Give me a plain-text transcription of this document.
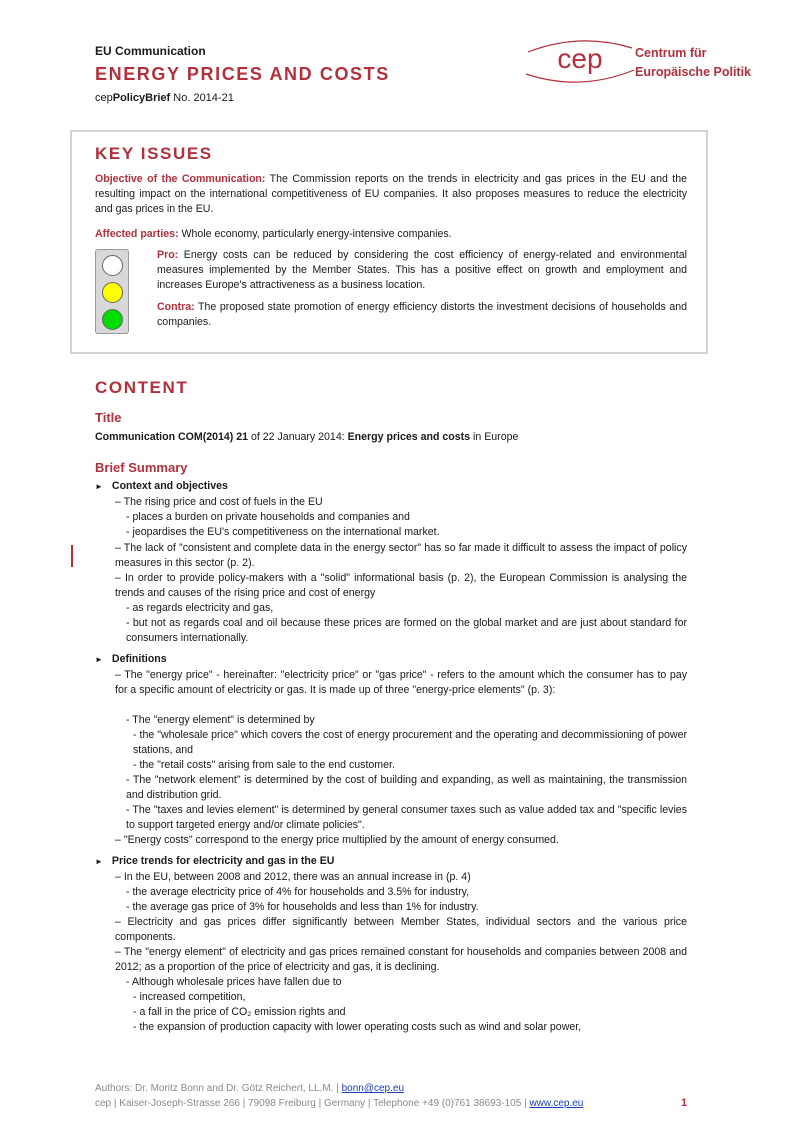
EU Communication
ENERGY PRICES AND COSTS
cepPolicyBrief No. 2014-21
cep	Centrum für
Europäische Politik
KEY ISSUES
Objective of the Communication: The Commission reports on the trends in electricity and gas prices in the EU and the resulting impact on the international competitiveness of EU companies. It also proposes measures to reduce the electricity and gas prices in the EU.
Affected parties: Whole economy, particularly energy-intensive companies.
Pro: Energy costs can be reduced by considering the cost efficiency of energy-related and environmental measures implemented by the Member States. This has a positive effect on growth and employment and increases Europe's attractiveness as a business location.
Contra: The proposed state promotion of energy efficiency distorts the investment decisions of households and companies.
CONTENT
Title
Communication COM(2014) 21 of 22 January 2014: Energy prices and costs in Europe
Brief Summary
► Context and objectives
– The rising price and cost of fuels in the EU
- places a burden on private households and companies and
- jeopardises the EU's competitiveness on the international market.
– The lack of "consistent and complete data in the energy sector" has so far made it difficult to assess the impact of policy measures in this sector (p. 2).
– In order to provide policy-makers with a "solid" informational basis (p. 2), the European Commission is analysing the trends and causes of the rising price and cost of energy
- as regards electricity and gas,
- but not as regards coal and oil because these prices are formed on the global market and are just about standard for consumers internationally.
► Definitions
– The "energy price" - hereinafter: "electricity price" or "gas price" - refers to the amount which the consumer has to pay for a specific amount of electricity or gas. It is made up of three "energy-price elements" (p. 3):
- The "energy element" is determined by
- the "wholesale price" which covers the cost of energy procurement and the operating and decommissioning of power stations, and
- the "retail costs" arising from sale to the end customer.
- The "network element" is determined by the cost of building and expanding, as well as maintaining, the transmission and distribution grid.
- The "taxes and levies element" is determined by general consumer taxes such as value added tax and "specific levies to support targeted energy and/or climate policies".
– "Energy costs" correspond to the energy price multiplied by the amount of energy consumed.
► Price trends for electricity and gas in the EU
– In the EU, between 2008 and 2012, there was an annual increase in (p. 4)
- the average electricity price of 4% for households and 3.5% for industry,
- the average gas price of 3% for households and less than 1% for industry.
– Electricity and gas prices differ significantly between Member States, individual sectors and the various price components.
– The "energy element" of electricity and gas prices remained constant for households and companies between 2008 and 2012; as a proportion of the price of electricity and gas, it is declining.
- Although wholesale prices have fallen due to
- increased competition,
- a fall in the price of CO₂ emission rights and
- the expansion of production capacity with lower operating costs such as wind and solar power,
Authors: Dr. Moritz Bonn and Dr. Götz Reichert, LL.M. | bonn@cep.eu
cep | Kaiser-Joseph-Strasse 266 | 79098 Freiburg | Germany | Telephone +49 (0)761 38693-105 | www.cep.eu	1
